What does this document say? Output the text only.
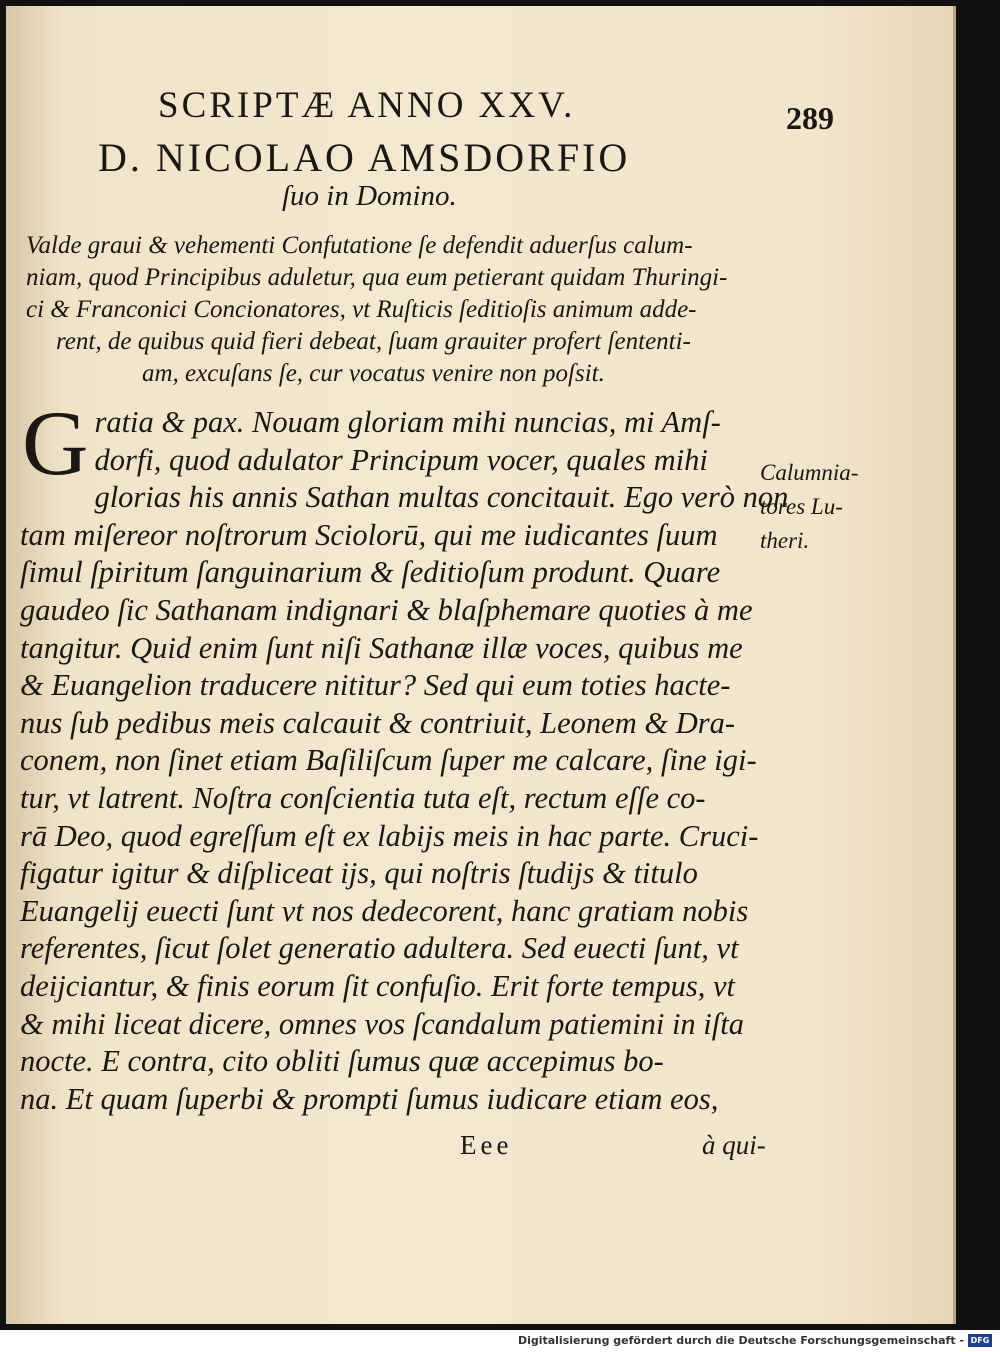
SCRIPTÆ ANNO XXV.	289
D. NICOLAO AMSDORFIO
ſuo in Domino.
Valde graui & vehementi Confutatione ſe defendit aduerſus calum-
niam, quod Principibus aduletur, qua eum petierant quidam Thuringi-
ci & Franconici Concionatores, vt Ruſticis ſeditioſis animum adde-
rent, de quibus quid fieri debeat, ſuam grauiter profert ſententi-
am, excuſans ſe, cur vocatus venire non poſsit.
G ratia & pax. Nouam gloriam mihi nuncias, mi Amſ-
dorfi, quod adulator Principum vocer, quales mihi
glorias his annis Sathan multas concitauit. Ego verò non
tam miſereor noſtrorum Sciolorū, qui me iudicantes ſuum
ſimul ſpiritum ſanguinarium & ſeditioſum produnt. Quare
gaudeo ſic Sathanam indignari & blaſphemare quoties à me
tangitur. Quid enim ſunt niſi Sathanæ illæ voces, quibus me
& Euangelion traducere nititur? Sed qui eum toties hacte-
nus ſub pedibus meis calcauit & contriuit, Leonem & Dra-
conem, non ſinet etiam Baſiliſcum ſuper me calcare, ſine igi-
tur, vt latrent. Noſtra conſcientia tuta eſt, rectum eſſe co-
rā Deo, quod egreſſum eſt ex labijs meis in hac parte. Cruci-
figatur igitur & diſpliceat ijs, qui noſtris ſtudijs & titulo
Euangelij euecti ſunt vt nos dedecorent, hanc gratiam nobis
referentes, ſicut ſolet generatio adultera. Sed euecti ſunt, vt
deijciantur, & finis eorum ſit confuſio. Erit forte tempus, vt
& mihi liceat dicere, omnes vos ſcandalum patiemini in iſta
nocte. E contra, cito obliti ſumus quæ accepimus bo-
na. Et quam ſuperbi & prompti ſumus iudicare etiam eos,
Calumnia-
tores Lu-
theri.
Eee	à qui-
Digitalisierung gefördert durch die Deutsche Forschungsgemeinschaft - DFG
